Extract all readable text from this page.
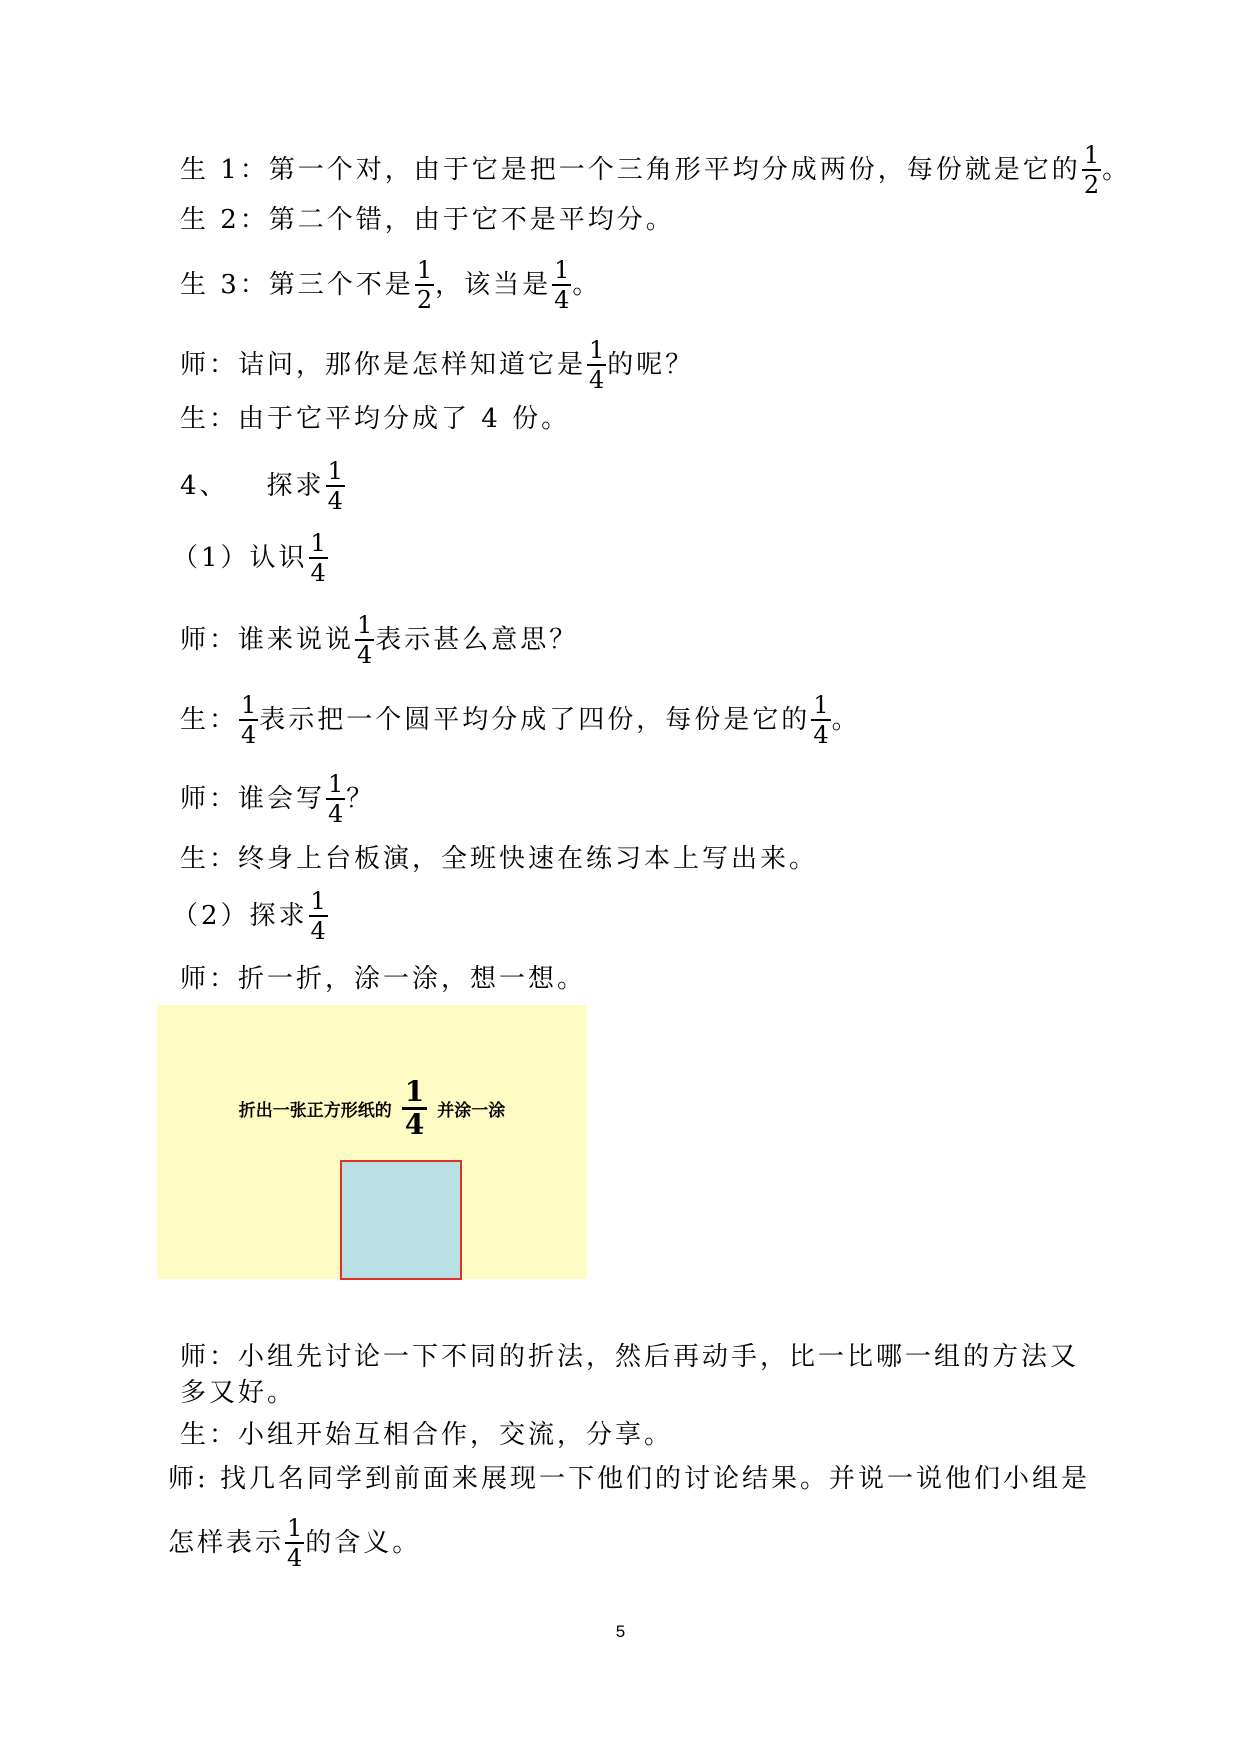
生 1：第一个对，由于它是把一个三角形平均分成两份，每份就是它的 $\frac{1}{2}$ 。
生 2：第二个错，由于它不是平均分。
生 3：第三个不是 $\frac{1}{2}$ ，该当是 $\frac{1}{4}$ 。
师：诘问，那你是怎样知道它是 $\frac{1}{4}$ 的呢？
生：由于它平均分成了 4 份。
4、 探求 $\frac{1}{4}$
（1）认识 $\frac{1}{4}$
师：谁来说说 $\frac{1}{4}$ 表示甚么意思？
生： $\frac{1}{4}$ 表示把一个圆平均分成了四份，每份是它的 $\frac{1}{4}$ 。
师：谁会写 $\frac{1}{4}$ ？
生：终身上台板演，全班快速在练习本上写出来。
（2）探求 $\frac{1}{4}$
师：折一折，涂一涂，想一想。
折出一张正方形纸的 $\frac{1}{4}$ 并涂一涂
师：小组先讨论一下不同的折法，然后再动手，比一比哪一组的方法又
多又好。
生：小组开始互相合作，交流，分享。
师: 找几名同学到前面来展现一下他们的讨论结果。并说一说他们小组是
怎样表示 $\frac{1}{4}$ 的含义。
5
